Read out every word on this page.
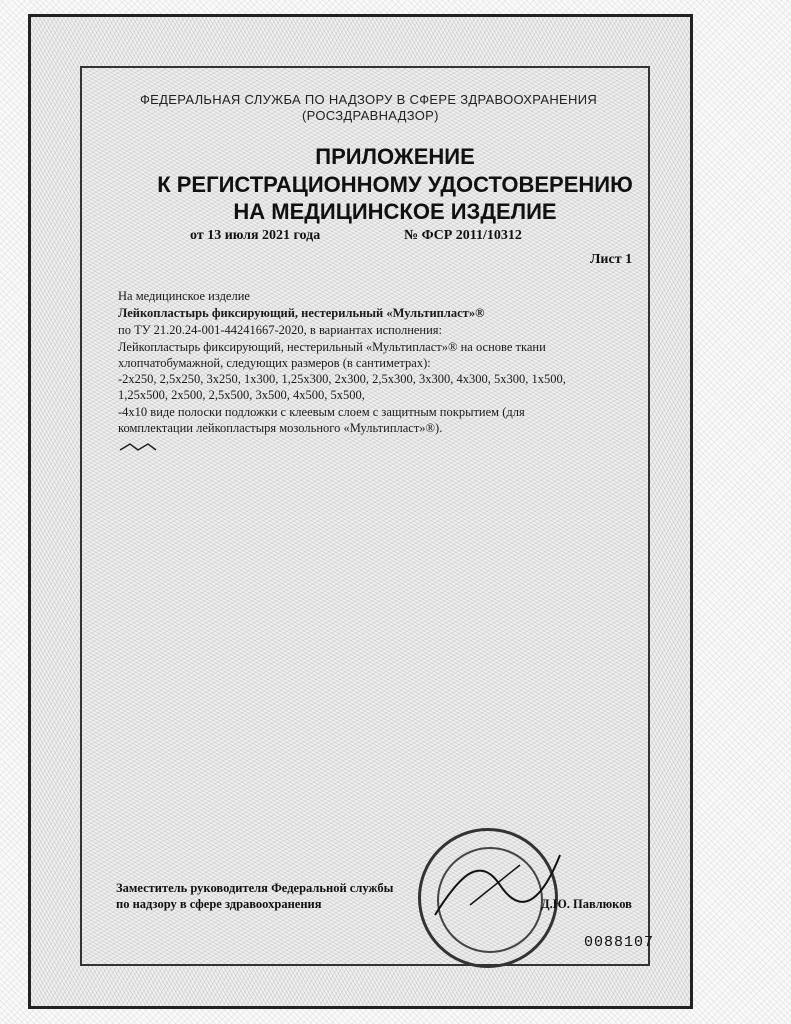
ФЕДЕРАЛЬНАЯ СЛУЖБА ПО НАДЗОРУ В СФЕРЕ ЗДРАВООХРАНЕНИЯ
(РОСЗДРАВНАДЗОР)
ПРИЛОЖЕНИЕ
К РЕГИСТРАЦИОННОМУ УДОСТОВЕРЕНИЮ
НА МЕДИЦИНСКОЕ ИЗДЕЛИЕ
от 13 июля 2021 года	№ ФСР 2011/10312
Лист 1
На медицинское изделие
Лейкопластырь фиксирующий, нестерильный «Мультипласт»®
по ТУ 21.20.24-001-44241667-2020, в вариантах исполнения:
Лейкопластырь фиксирующий, нестерильный «Мультипласт»® на основе ткани
хлопчатобумажной, следующих размеров (в сантиметрах):
-2х250, 2,5х250, 3х250, 1х300, 1,25х300, 2х300, 2,5х300, 3х300, 4х300, 5х300, 1х500,
1,25х500, 2х500, 2,5х500, 3х500, 4х500, 5х500,
-4х10 виде полоски подложки с клеевым слоем с защитным покрытием (для
комплектации лейкопластыря мозольного «Мультипласт»®).
Заместитель руководителя Федеральной службы
по надзору в сфере здравоохранения	Д.Ю. Павлюков
0088107
